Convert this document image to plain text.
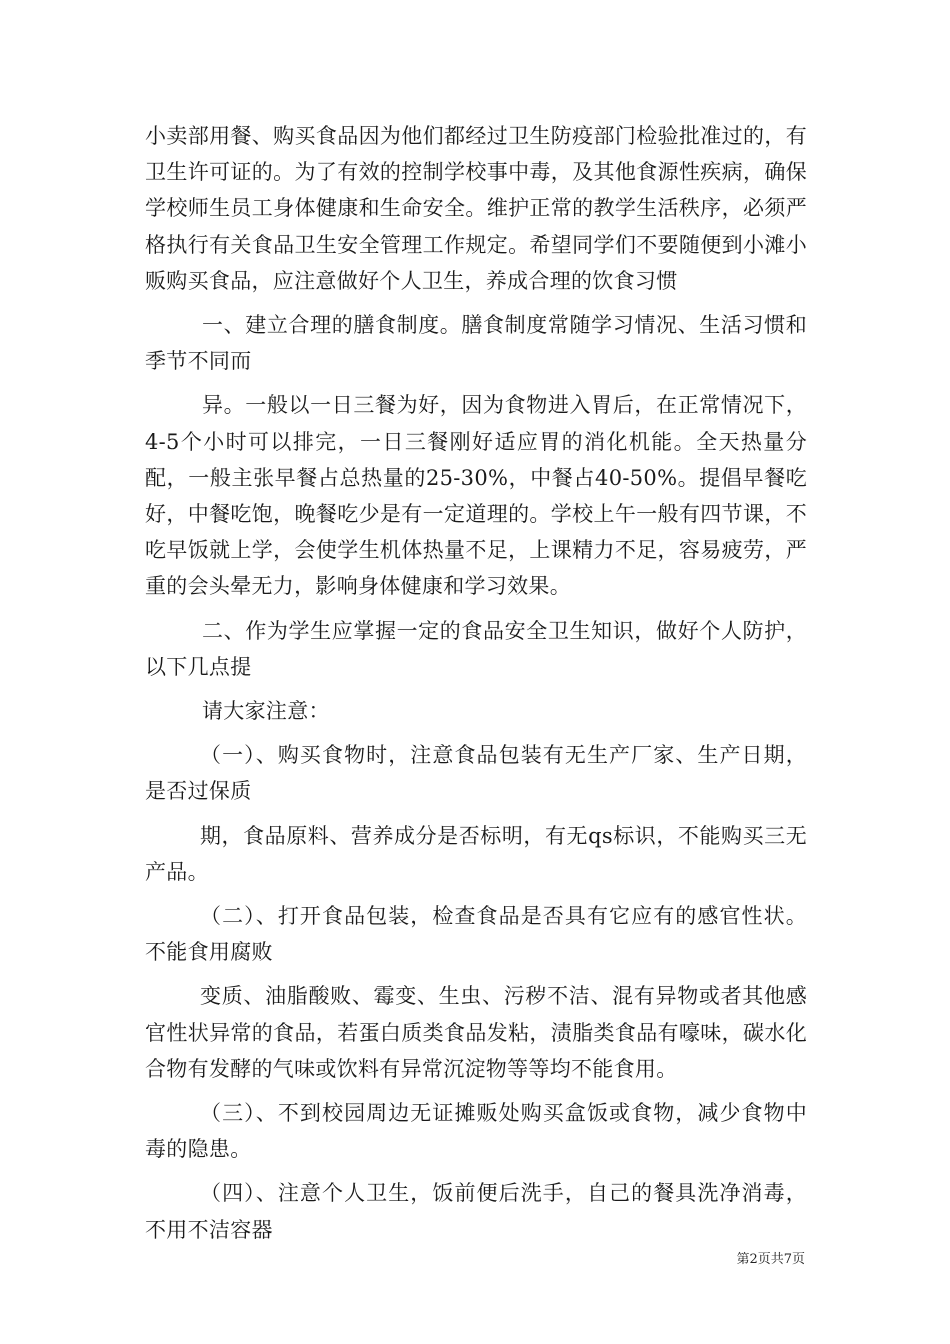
小卖部用餐、购买食品因为他们都经过卫生防疫部门检验批准过的，有卫生许可证的。为了有效的控制学校事中毒，及其他食源性疾病，确保学校师生员工身体健康和生命安全。维护正常的教学生活秩序，必须严格执行有关食品卫生安全管理工作规定。希望同学们不要随便到小滩小贩购买食品，应注意做好个人卫生，养成合理的饮食习惯

一、建立合理的膳食制度。膳食制度常随学习情况、生活习惯和季节不同而

异。一般以一日三餐为好，因为食物进入胃后，在正常情况下，4-5个小时可以排完，一日三餐刚好适应胃的消化机能。全天热量分配，一般主张早餐占总热量的25-30%，中餐占40-50%。提倡早餐吃好，中餐吃饱，晚餐吃少是有一定道理的。学校上午一般有四节课，不吃早饭就上学，会使学生机体热量不足，上课精力不足，容易疲劳，严重的会头晕无力，影响身体健康和学习效果。

二、作为学生应掌握一定的食品安全卫生知识，做好个人防护，以下几点提

请大家注意：

（一）、购买食物时，注意食品包装有无生产厂家、生产日期，是否过保质

期，食品原料、营养成分是否标明，有无qs标识，不能购买三无产品。

（二）、打开食品包装，检查食品是否具有它应有的感官性状。不能食用腐败

变质、油脂酸败、霉变、生虫、污秽不洁、混有异物或者其他感官性状异常的食品，若蛋白质类食品发粘，渍脂类食品有嚎味，碳水化合物有发酵的气味或饮料有异常沉淀物等等均不能食用。

（三）、不到校园周边无证摊贩处购买盒饭或食物，减少食物中毒的隐患。

（四）、注意个人卫生，饭前便后洗手，自己的餐具洗净消毒，不用不洁容器

第2页共7页
